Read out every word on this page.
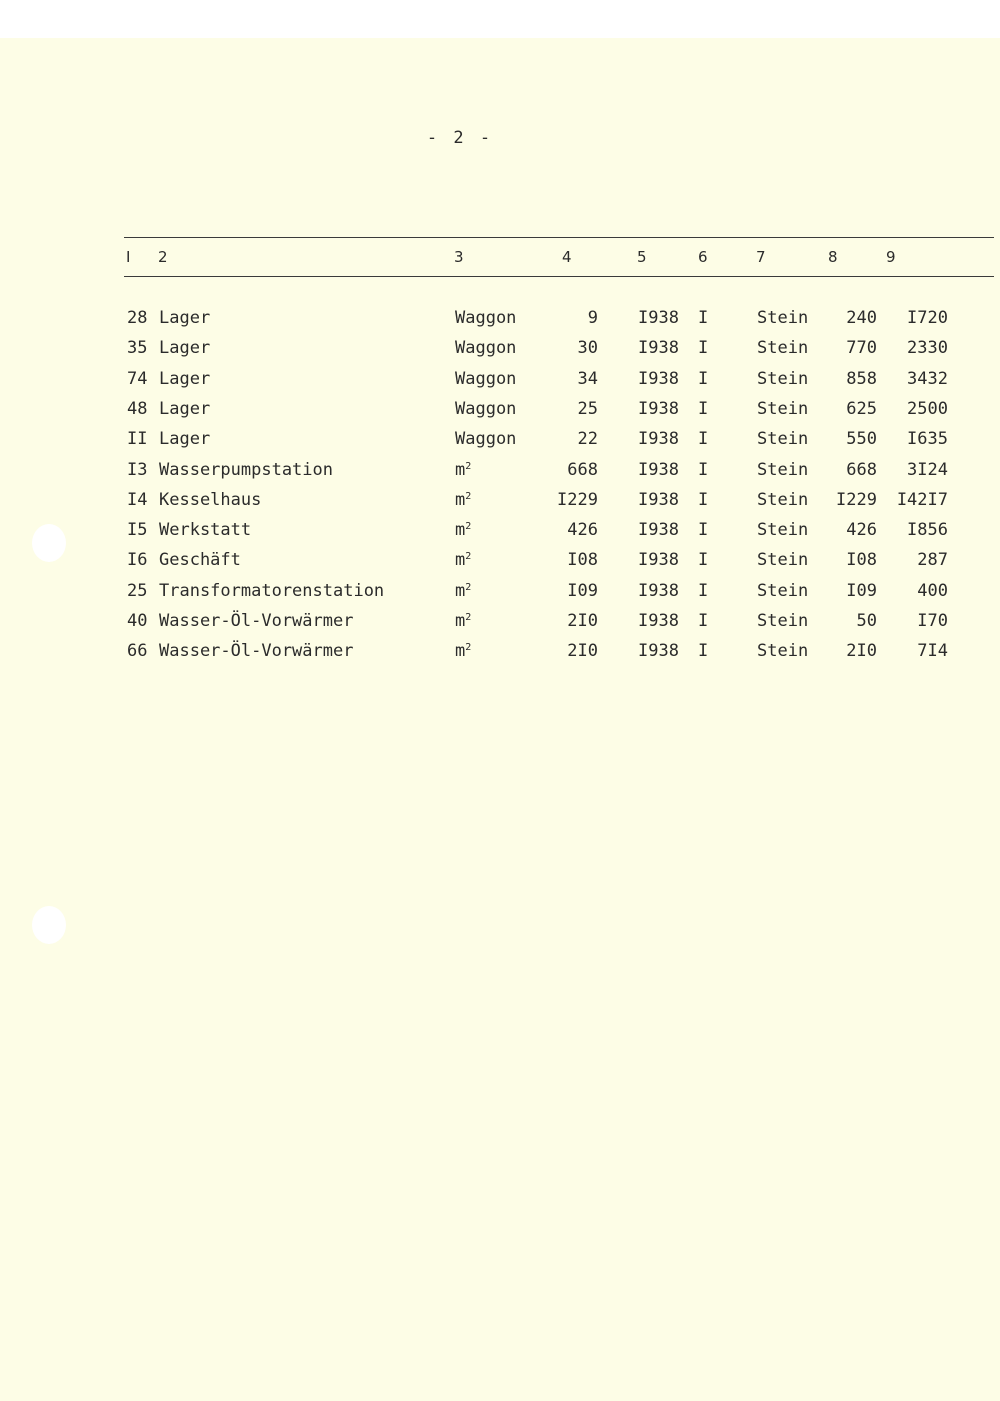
- 2 -
I 2	3	4	5	6	7	8	9
28 Lager	Waggon	9 I938 I	Stein 240 I720
35 Lager	Waggon	30 I938 I	Stein 770 2330
74 Lager	Waggon	34 I938 I	Stein 858 3432
48 Lager	Waggon	25 I938 I	Stein 625 2500
II Lager	Waggon	22 I938 I	Stein 550 I635
I3 Wasserpumpstation	$m^2$	668 I938 I	Stein 668 3I24
I4 Kesselhaus	$m^2$	I229 I938 I	Stein I229 I42I7
I5 Werkstatt	$m^2$	426 I938 I	Stein 426 I856
I6 Geschäft	$m^2$	I08 I938 I	Stein I08 287
25 Transformatorenstation	$m^2$	I09 I938 I	Stein I09 400
40 Wasser-Öl-Vorwärmer	$m^2$	2I0 I938 I	Stein	50 I70
66 Wasser-Öl-Vorwärmer	$m^2$	2I0 I938 I	Stein 2I0 7I4
